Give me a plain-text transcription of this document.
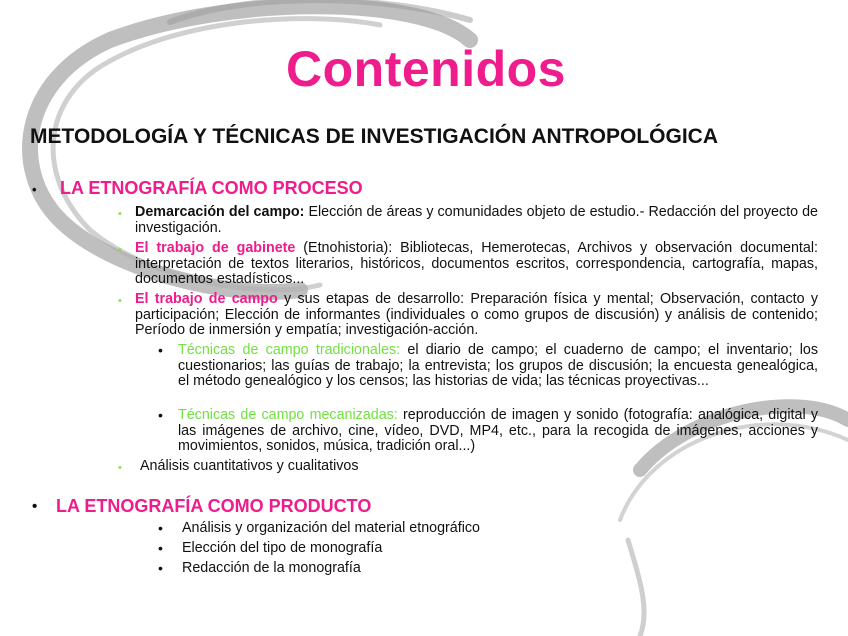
Contenidos
METODOLOGÍA Y TÉCNICAS DE INVESTIGACIÓN ANTROPOLÓGICA
• LA ETNOGRAFÍA COMO PROCESO
• Demarcación del campo: Elección de áreas y comunidades objeto de estudio.- Redacción del proyecto de investigación.
• El trabajo de gabinete (Etnohistoria): Bibliotecas, Hemerotecas, Archivos y observación documental: interpretación de textos literarios, históricos, documentos escritos, correspondencia, cartografía, mapas, documentos estadísticos...
• El trabajo de campo y sus etapas de desarrollo: Preparación física y mental; Observación, contacto y participación; Elección de informantes (individuales o como grupos de discusión) y análisis de contenido; Período de inmersión y empatía; investigación-acción.
• Técnicas de campo tradicionales: el diario de campo; el cuaderno de campo; el inventario; los cuestionarios; las guías de trabajo; la entrevista; los grupos de discusión; la encuesta genealógica, el método genealógico y los censos; las historias de vida; las técnicas proyectivas...
• Técnicas de campo mecanizadas: reproducción de imagen y sonido (fotografía: analógica, digital y las imágenes de archivo, cine, vídeo, DVD, MP4, etc., para la recogida de imágenes, acciones y movimientos, sonidos, música, tradición oral...)
• Análisis cuantitativos y cualitativos
• LA ETNOGRAFÍA COMO PRODUCTO
• Análisis y organización del material etnográfico
• Elección del tipo de monografía
• Redacción de la monografía
